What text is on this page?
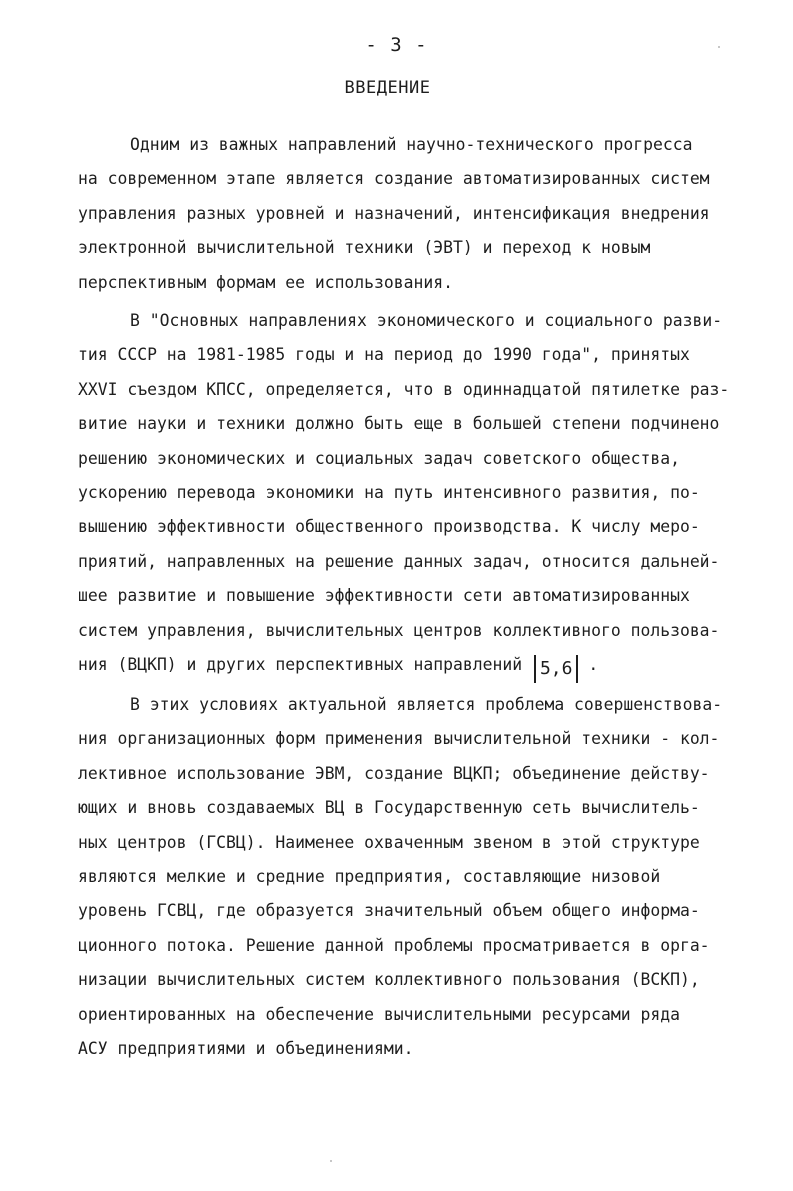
- 3 -
ВВЕДЕНИЕ
Одним из важных направлений научно-технического прогресса
на современном этапе является создание автоматизированных систем
управления разных уровней и назначений, интенсификация внедрения
электронной вычислительной техники (ЭВТ) и переход к новым
перспективным формам ее использования.
В "Основных направлениях экономического и социального разви-
тия СССР на 1981-1985 годы и на период до 1990 года", принятых
XXVI съездом КПСС, определяется, что в одиннадцатой пятилетке раз-
витие науки и техники должно быть еще в большей степени подчинено
решению экономических и социальных задач советского общества,
ускорению перевода экономики на путь интенсивного развития, по-
вышению эффективности общественного производства. К числу меро-
приятий, направленных на решение данных задач, относится дальней-
шее развитие и повышение эффективности сети автоматизированных
систем управления, вычислительных центров коллективного пользова-
ния (ВЦКП) и других перспективных направлений 5,6 .
В этих условиях актуальной является проблема совершенствова-
ния организационных форм применения вычислительной техники - кол-
лективное использование ЭВМ, создание ВЦКП; объединение действу-
ющих и вновь создаваемых ВЦ в Государственную сеть вычислитель-
ных центров (ГСВЦ). Наименее охваченным звеном в этой структуре
являются мелкие и средние предприятия, составляющие низовой
уровень ГСВЦ, где образуется значительный объем общего информа-
ционного потока. Решение данной проблемы просматривается в орга-
низации вычислительных систем коллективного пользования (ВСКП),
ориентированных на обеспечение вычислительными ресурсами ряда
АСУ предприятиями и объединениями.
